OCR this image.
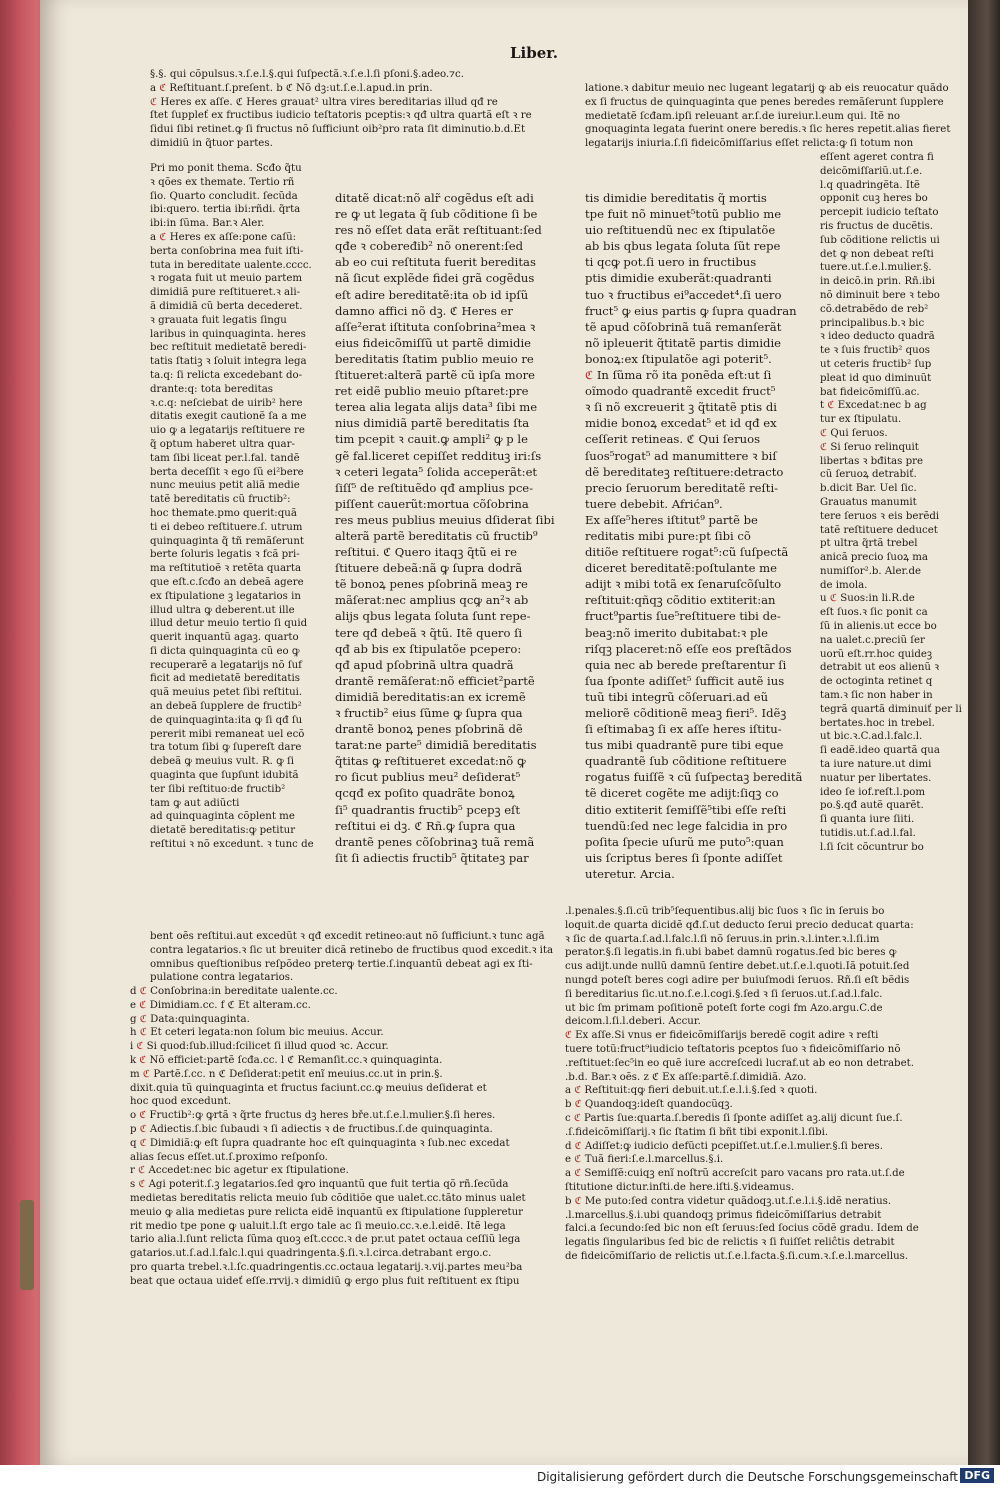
Liber.

§.§. qui cõpulsus.ꝛ.ſ.e.l.§.qui ſuſpectã.ꝛ.ſ.e.l.ſi pſoni.§.adeo.⁊c.

a ℭ Reſtituant.ſ.preſent. b ℭ Nõ dꝫ:ut.ſ.e.l.apud.in prin.

ℭ Heres ex aſſe. ℭ Heres grauat² ultra vires bereditarias illud qđ re

ſtet ſuppleť ex fructibus iudicio teſtatoris pceptis:ꝛ qđ ultra quartã eſt ꝛ re

ſidui ſibi retinet.ꝙ ſi fructus nõ ſufficiunt oib²pro rata ſit diminutio.b.d.Et

dimidiũ in q̃tuor partes.

Pri mo ponit thema. Scđo q̃tu

ꝛ qões ex themate. Tertio rñ

ſio. Quarto concludit. ſecũda

ibi:quero. tertia ibi:rñdi. q̃rta

ibi:in ſũma. Bar.ꝛ Aler.

a ℭ Heres ex aſſe:pone caſũ:

berta conſobrina mea fuit iſti-

tuta in bereditate ualente.cccc.

ꝛ rogata fuit ut meuio partem

dimidiã pure reſtitueret.ꝛ ali-

ã dimidiã cũ berta decederet.

ꝛ grauata fuit legatis ſingu

laribus in quinquaginta. heres

bec reſtituit medietatẽ beredi-

tatis ſtatiꝫ ꝛ ſoluit integra lega

ta.q: ſi relicta excedebant do-

drante:q: tota bereditas

ꝛ.c.q: neſciebat de uirib² here

ditatis exegit cautionẽ ſa a me

uio ꝙ a legatarijs reſtituere re

q̃ optum haberet ultra quar-

tam ſibi liceat per.l.fal. tandẽ

berta deceſſit ꝛ ego ſũ ei²bere

nunc meuius petit aliã medie

tatẽ bereditatis cũ fructib²:

hoc themate.pmo querit:quã

ti ei debeo reſtituere.ſ. utrum

quinquaginta q̃ tñ remãſerunt

berte ſoluris legatis ꝛ fcã pri-

ma reſtitutioẽ ꝛ retẽta quarta

que eſt.c.ſcđo an debeã agere

ex ſtipulatione ꝫ legatarios in

illud ultra ꝙ deberent.ut ille

illud detur meuio tertio ſi quid

querit inquantũ agaꝫ. quarto

ſi dicta quinquaginta cũ eo ꝙ

recuperarẽ a legatarijs nõ ſuf

ficit ad medietatẽ bereditatis

quã meuius petet ſibi reſtitui.

an debeã ſupplere de fructib²

de quinquaginta:ita ꝙ ſi qđ ſu

pererit mibi remaneat uel ecõ

tra totum ſibi ꝙ ſupereſt dare

debeã ꝙ meuius vult. R. ꝙ ſi

quaginta que ſupſunt idubitã

ter ſibi reſtituo:de fructib²

tam ꝙ aut adiũcti

ad quinquaginta cõplent me

dietatẽ bereditatis:ꝙ petitur

reſtitui ꝛ nõ excedunt. ꝛ tunc de

bent oẽs reſtitui.aut excedũt ꝛ qđ excedit retineo:aut nõ ſufficiunt.ꝛ tunc agã

contra legatarios.ꝛ ſic ut breuiter dicã retinebo de fructibus quod excedit.ꝛ ita

omnibus queſtionibus reſpõdeo preterꝙ tertie.ſ.inquantũ debeat agi ex ſti-

pulatione contra legatarios.

d ℭ Conſobrina:in bereditate ualente.cc.

e ℭ Dimidiam.cc. f ℭ Et alteram.cc.

g ℭ Data:quinquaginta.

h ℭ Et ceteri legata:non ſolum bic meuius. Accur.

i ℭ Si quod:ſub.illud:ſcilicet ſi illud quod ꝛc. Accur.

k ℭ Nõ efficiet:partẽ ſcđa.cc. l ℭ Remanſit.cc.ꝛ quinquaginta.

m ℭ Partẽ.ſ.cc. n ℭ Deſiderat:petit enĩ meuius.cc.ut in prin.§.

dixit.quia tũ quinquaginta et fructus faciunt.cc.ꝙ meuius deſiderat et

hoc quod excedunt.

o ℭ Fructib²:ꝙ ꝙrtã ꝛ q̃rte fructus dꝫ heres bře.ut.ſ.e.l.mulier.§.ſi heres.

p ℭ Adiectis.ſ.bic ſubaudi ꝛ ſi adiectis ꝛ de fructibus.ſ.de quinquaginta.

q ℭ Dimidiã:ꝙ eſt ſupra quadrante hoc eſt quinquaginta ꝛ ſub.nec excedat

alias ſecus eſſet.ut.ſ.proximo reſponſo.

r ℭ Accedet:nec bic agetur ex ſtipulatione.

s ℭ Agi poterit.ſ.ꝫ legatarios.ſed ꝙro inquantũ que fuit tertia qõ rñ.ſecũda

medietas bereditatis relicta meuio ſub cõditiõe que ualet.cc.tãto minus ualet

meuio ꝙ alia medietas pure relicta eidẽ inquantũ ex ſtipulatione ſuppleretur

rit medio tpe pone ꝙ ualuit.l.ſt ergo tale ac ſi meuio.cc.ꝛ.e.l.eidẽ. Itẽ lega

tario alia.l.ſunt relicta ſũma quoꝫ eſt.cccc.ꝛ de pr.ut patet octaua ceſſiũ lega

gatarios.ut.ſ.ad.l.falc.l.qui quadringenta.§.ſi.ꝛ.l.circa.detrabant ergo.c.

pro quarta trebel.ꝛ.l.ſc.quadringentis.cc.octaua legatarij.ꝛ.vij.partes meu²ba

beat que octaua uideť eſſe.rrvij.ꝛ dimidiũ ꝙ ergo plus fuit reſtituent ex ſtipu

ditatẽ dicat:nõ alr̃ cogẽdus eſt adi

re ꝙ ut legata q̃ ſub cõditione ſi be

res nõ eſſet data erãt reſtituant:ſed

qđe ꝛ cobeređib² nõ onerent:ſed

ab eo cui reſtituta fuerit bereditas

nã ſicut explẽde fidei grã cogẽdus

eſt adire bereditatẽ:ita ob id ipſũ

damno affici nõ dꝫ. ℭ Heres er

aſſe²erat iſtituta conſobrina²mea ꝛ

eius fideicõmiſſũ ut partẽ dimidie

bereditatis ſtatim publio meuio re

ſtitueret:alterã partẽ cũ ipſa more

ret eidẽ publio meuio pſtaret:pre

terea alia legata alijs data³ ſibi me

nius dimidiã partẽ bereditatis ſta

tim pcepit ꝛ cauit.ꝙ ampli² ꝙ p le

gẽ fal.liceret cepiſſet reddituꝫ iri:ſs

ꝛ ceteri legata⁵ ſolida acceperãt:et

ſiſſ⁵ de reſtituẽdo qđ amplius pce-

piſſent cauerũt:mortua cõſobrina

res meus publius meuius dſiderat ſibi

alterã partẽ bereditatis cũ fructib⁹

reſtitui. ℭ Quero itaqꝫ q̃tũ ei re

ſtituere debeã:nã ꝙ ſupra dodrã

tẽ bonoꝝ penes pſobrinã meaꝫ re

mãſerat:nec amplius qcꝙ an²ꝛ ab

alijs qbus legata ſoluta ſunt repe-

tere qđ debeã ꝛ q̃tũ. Itẽ quero ſi

qđ ab bis ex ſtipulatõe pcepero:

qđ apud pſobrinã ultra quadrã

drantẽ remãſerat:nõ efficiet²partẽ

dimidiã bereditatis:an ex icremẽ

ꝛ fructib² eius ſũme ꝙ ſupra qua

drantẽ bonoꝝ penes pſobrinã dẽ

tarat:ne parte⁵ dimidiã bereditatis

q̃titas ꝙ reſtitueret excedat:nõ ꝙ

ro ſicut publius meu² deſiderat⁵

qcqđ ex poſito quadrãte bonoꝝ

ſi⁵ quadrantis fructib⁵ pcepꝫ eſt

reſtitui ei dꝫ. ℭ Rñ.ꝙ ſupra qua

drantẽ penes cõſobrinaꝫ tuã remã

ſit ſi adiectis fructib⁵ q̃titateꝫ par

latione.ꝛ dabitur meuio nec lugeant legatarij ꝙ ab eis reuocatur quãdo

ex ſi fructus de quinquaginta que penes beredes remãſerunt ſupplere

medietatẽ ſcđam.ipſi releuant ar.ſ.de iureiur.l.eum qui. Itẽ no

gnoquaginta legata fuerint onere beredis.ꝛ ſic heres repetit.alias fieret

legatarijs iniuria.ſ.ſi fideicõmiſſarius eſſet relicta:ꝙ ſi totum non

eſſent ageret contra fi

deicõmiſſariũ.ut.ſ.e.

l.q quadringẽta. Itẽ

opponit cuꝫ heres bo

percepit iudicio teſtato

ris fructus de ducẽtis.

ſub cõditione relictis ui

det ꝙ non debeat reſti

tuere.ut.ſ.e.l.mulier.§.

in deicõ.in prin. Rñ.ibi

nõ diminuit bere ꝛ tebo

cõ.detrabẽdo de reb²

principalibus.b.ꝛ bic

ꝛ ideo deducto quadrã

te ꝛ ſuis fructib² quos

ut ceteris fructib² ſup

pleat id quo diminuũt

bat fideicõmiſſũ.ac.

t ℭ Excedat:nec b ag

tur ex ſtipulatu.

ℭ Qui ſeruos.

ℭ Si ſeruo relinquit

libertas ꝛ bđitas pre

cũ ſeruoꝝ detrabiť.

b.dicit Bar. Uel ſic.

Grauatus manumit

tere ſeruos ꝛ eis berẽdi

tatẽ reſtituere deducet

pt ultra q̃rtã trebel

anicã precio ſuoꝝ ma

numiſſor².b. Aler.de

de imola.

u ℭ Suos:in li.R.de

eſt ſuos.ꝛ ſic ponit ca

ſũ in alienis.ut ecce bo

na ualet.c.preciũ ſer

uorũ eſt.rr.hoc quideꝫ

detrabit ut eos alienũ ꝛ

de octoginta retinet q

tam.ꝛ ſic non haber in

tegrã quartã diminuiť per li

bertates.hoc in trebel.

ut bic.ꝛ.C.ad.l.falc.l.

ſi eadẽ.ideo quartã qua

ta iure nature.ut dimi

nuatur per libertates.

ideo ſe iof.reſt.l.pom

po.§.qđ autẽ quarẽt.

ſi quanta iure ſiiti.

tutidis.ut.ſ.ad.l.fal.

l.ſi ſcit cõcuntrur bo

tis dimidie bereditatis q̃ mortis

tpe fuit nõ minuet⁵totũ publio me

uio reſtituendũ nec ex ſtipulatõe

ab bis qbus legata ſoluta ſũt repe

ti qcꝙ pot.ſi uero in fructibus

ptis dimidie exuberãt:quadranti

tuo ꝛ fructibus ei⁹accedet⁴.ſi uero

fruct⁵ ꝙ eius partis ꝙ ſupra quadran

tẽ apud cõſobrinã tuã remanſerãt

nõ ipleuerit q̃titatẽ partis dimidie

bonoꝝ:ex ſtipulatõe agi poterit⁵.

ℭ In ſũma rõ ita ponẽda eſt:ut ſi

oĩmodo quadrantẽ excedit fruct⁵

ꝛ ſi nõ excreuerit ꝫ q̃titatẽ ptis di

midie bonoꝝ excedat⁵ et id qđ ex

ceſſerit retineas. ℭ Qui ſeruos

ſuos⁵rogat⁵ ad manumittere ꝛ biſ

dẽ bereditateꝫ reſtituere:detracto

precio ſeruorum bereditatẽ reſti-

tuere debebit. Afrićan⁹.

Ex aſſe⁵heres iſtitut⁹ partẽ be

reditatis mibi pure:pt ſibi cõ

ditiõe reſtituere rogat⁵:cũ ſuſpectã

diceret bereditatẽ:poſtulante me

adijt ꝛ mibi totã ex ſenaruſcõſulto

reſtituit:qñqꝫ cõditio extiterit:an

fruct⁹partis ſue⁵reſtituere tibi de-

beaꝫ:nõ imerito dubitabat:ꝛ ple

riſqꝫ placeret:nõ eſſe eos preſtãdos

quia nec ab berede preſtarentur ſi

ſua ſponte adiſſet⁵ ſufficit autẽ ius

tuũ tibi integrũ cõſeruari.ad eũ

meliorẽ cõditionẽ meaꝫ fieri⁵. Idẽꝫ

ſi eſtimabaꝫ ſi ex aſſe heres iſtitu-

tus mibi quadrantẽ pure tibi eque

quadrantẽ ſub cõditione reſtituere

rogatus fuiſſẽ ꝛ cũ ſuſpectaꝫ bereditã

tẽ diceret cogẽte me adijt:ſiqꝫ co

ditio extiterit ſemiſſẽ⁵tibi eſſe reſti

tuendũ:ſed nec lege falcidia in pro

poſita ſpecie uſurũ me puto⁵:quan

uis ſcriptus beres ſi ſponte adiſſet

uteretur. Arcia.

.l.penales.§.ſi.cũ trib⁵ſequentibus.alij bic ſuos ꝛ ſic in ſeruis bo

loquit.de quarta dicidẽ qđ.ſ.ut deducto ſerui precio deducat quarta:

ꝛ ſic de quarta.ſ.ad.l.falc.l.ſi nõ ſeruus.in prin.ꝛ.l.inter.ꝛ.l.ſi.im

perator.§.ſi legatis.in fi.ubi babet damnũ rogatus.ſed bic beres ꝙ

cus adijt.unde nullũ damnũ ſentire debet.ut.ſ.e.l.quoti.Iã potuit.ſed

nungd poteſt beres cogi adire per buiuſmodi ſeruos. Rñ.ſi eſt bẽdis

ſi bereditarius ſic.ut.no.ſ.e.l.cogi.§.ſed ꝛ ſi ſeruos.ut.ſ.ad.l.falc.

ut bic ſm primam poſitionẽ poteſt forte cogi fm Azo.argu.C.de

deicom.l.ſi.l.deberi. Accur.

ℭ Ex aſſe.Si vnus er fideicõmiſſarijs beredẽ cogit adire ꝛ reſti

tuere totũ:fruct⁹iudicio teſtatoris pceptos ſuo ꝛ fideicõmiſſario nõ

.reſtituet:ſec⁵in eo quẽ iure accreſcedi lucraf.ut ab eo non detrabet.

.b.d. Bar.ꝛ oẽs. z ℭ Ex aſſe:partẽ.ſ.dimidiã. Azo.

a ℭ Reſtituit:qꝙ fieri debuit.ut.ſ.e.l.i.§.ſed ꝛ quoti.

b ℭ Quandoqꝫ:ideſt quandocũqꝫ.

c ℭ Partis ſue:quarta.ſ.beredis ſi ſponte adiſſet aꝫ.alij dicunt ſue.ſ.

.ſ.fideicõmiſſarij.ꝛ ſic ſtatim ſi bñt tibi exponit.l.ſibi.

d ℭ Adiſſet:ꝙ iudicio defũcti pcepiſſet.ut.ſ.e.l.mulier.§.ſi beres.

e ℭ Tuã fieri:ſ.e.l.marcellus.§.i.

a ℭ Semiſſẽ:cuiqꝫ enĩ noſtrũ accreſcit paro vacans pro rata.ut.ſ.de

ſtitutione dictur.inſti.de here.iſti.§.videamus.

b ℭ Me puto:ſed contra videtur quãdoqꝫ.ut.ſ.e.l.i.§.idẽ neratius.

.l.marcellus.§.i.ubi quandoqꝫ primus fideicõmiſſarius detrabit

falci.a ſecundo:ſed bic non eſt ſeruus:ſed ſocius cõdẽ gradu. Idem de

legatis ſingularibus ſed bic de relictis ꝛ ſi fuiſſet reliĉtis detrabit

de fideicõmiſſario de relictis ut.ſ.e.l.facta.§.ſi.cum.ꝛ.ſ.e.l.marcellus.

Digitalisierung gefördert durch die Deutsche Forschungsgemeinschaft DFG
